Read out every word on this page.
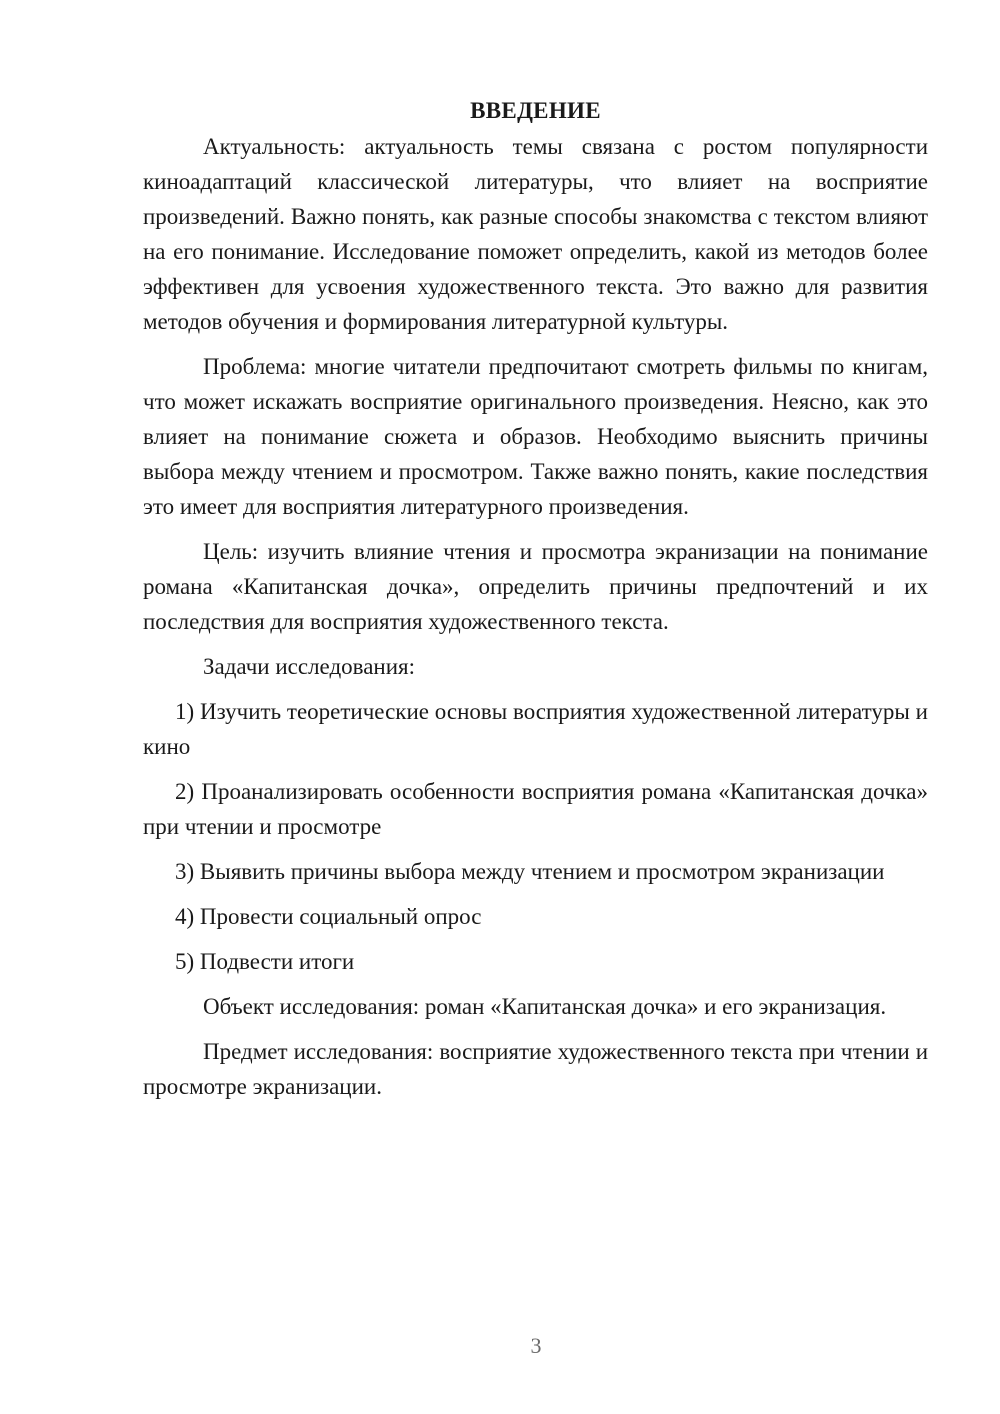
ВВЕДЕНИЕ

Актуальность: актуальность темы связана с ростом популярности киноадаптаций классической литературы, что влияет на восприятие произведений. Важно понять, как разные способы знакомства с текстом влияют на его понимание. Исследование поможет определить, какой из методов более эффективен для усвоения художественного текста. Это важно для развития методов обучения и формирования литературной культуры.

Проблема: многие читатели предпочитают смотреть фильмы по книгам, что может искажать восприятие оригинального произведения. Неясно, как это влияет на понимание сюжета и образов. Необходимо выяснить причины выбора между чтением и просмотром. Также важно понять, какие последствия это имеет для восприятия литературного произведения.

Цель: изучить влияние чтения и просмотра экранизации на понимание романа «Капитанская дочка», определить причины предпочтений и их последствия для восприятия художественного текста.

Задачи исследования:

1) Изучить теоретические основы восприятия художественной литературы и кино

2) Проанализировать особенности восприятия романа «Капитанская дочка» при чтении и просмотре

3) Выявить причины выбора между чтением и просмотром экранизации

4) Провести социальный опрос

5) Подвести итоги

Объект исследования: роман «Капитанская дочка» и его экранизация.

Предмет исследования: восприятие художественного текста при чтении и просмотре экранизации.

3
